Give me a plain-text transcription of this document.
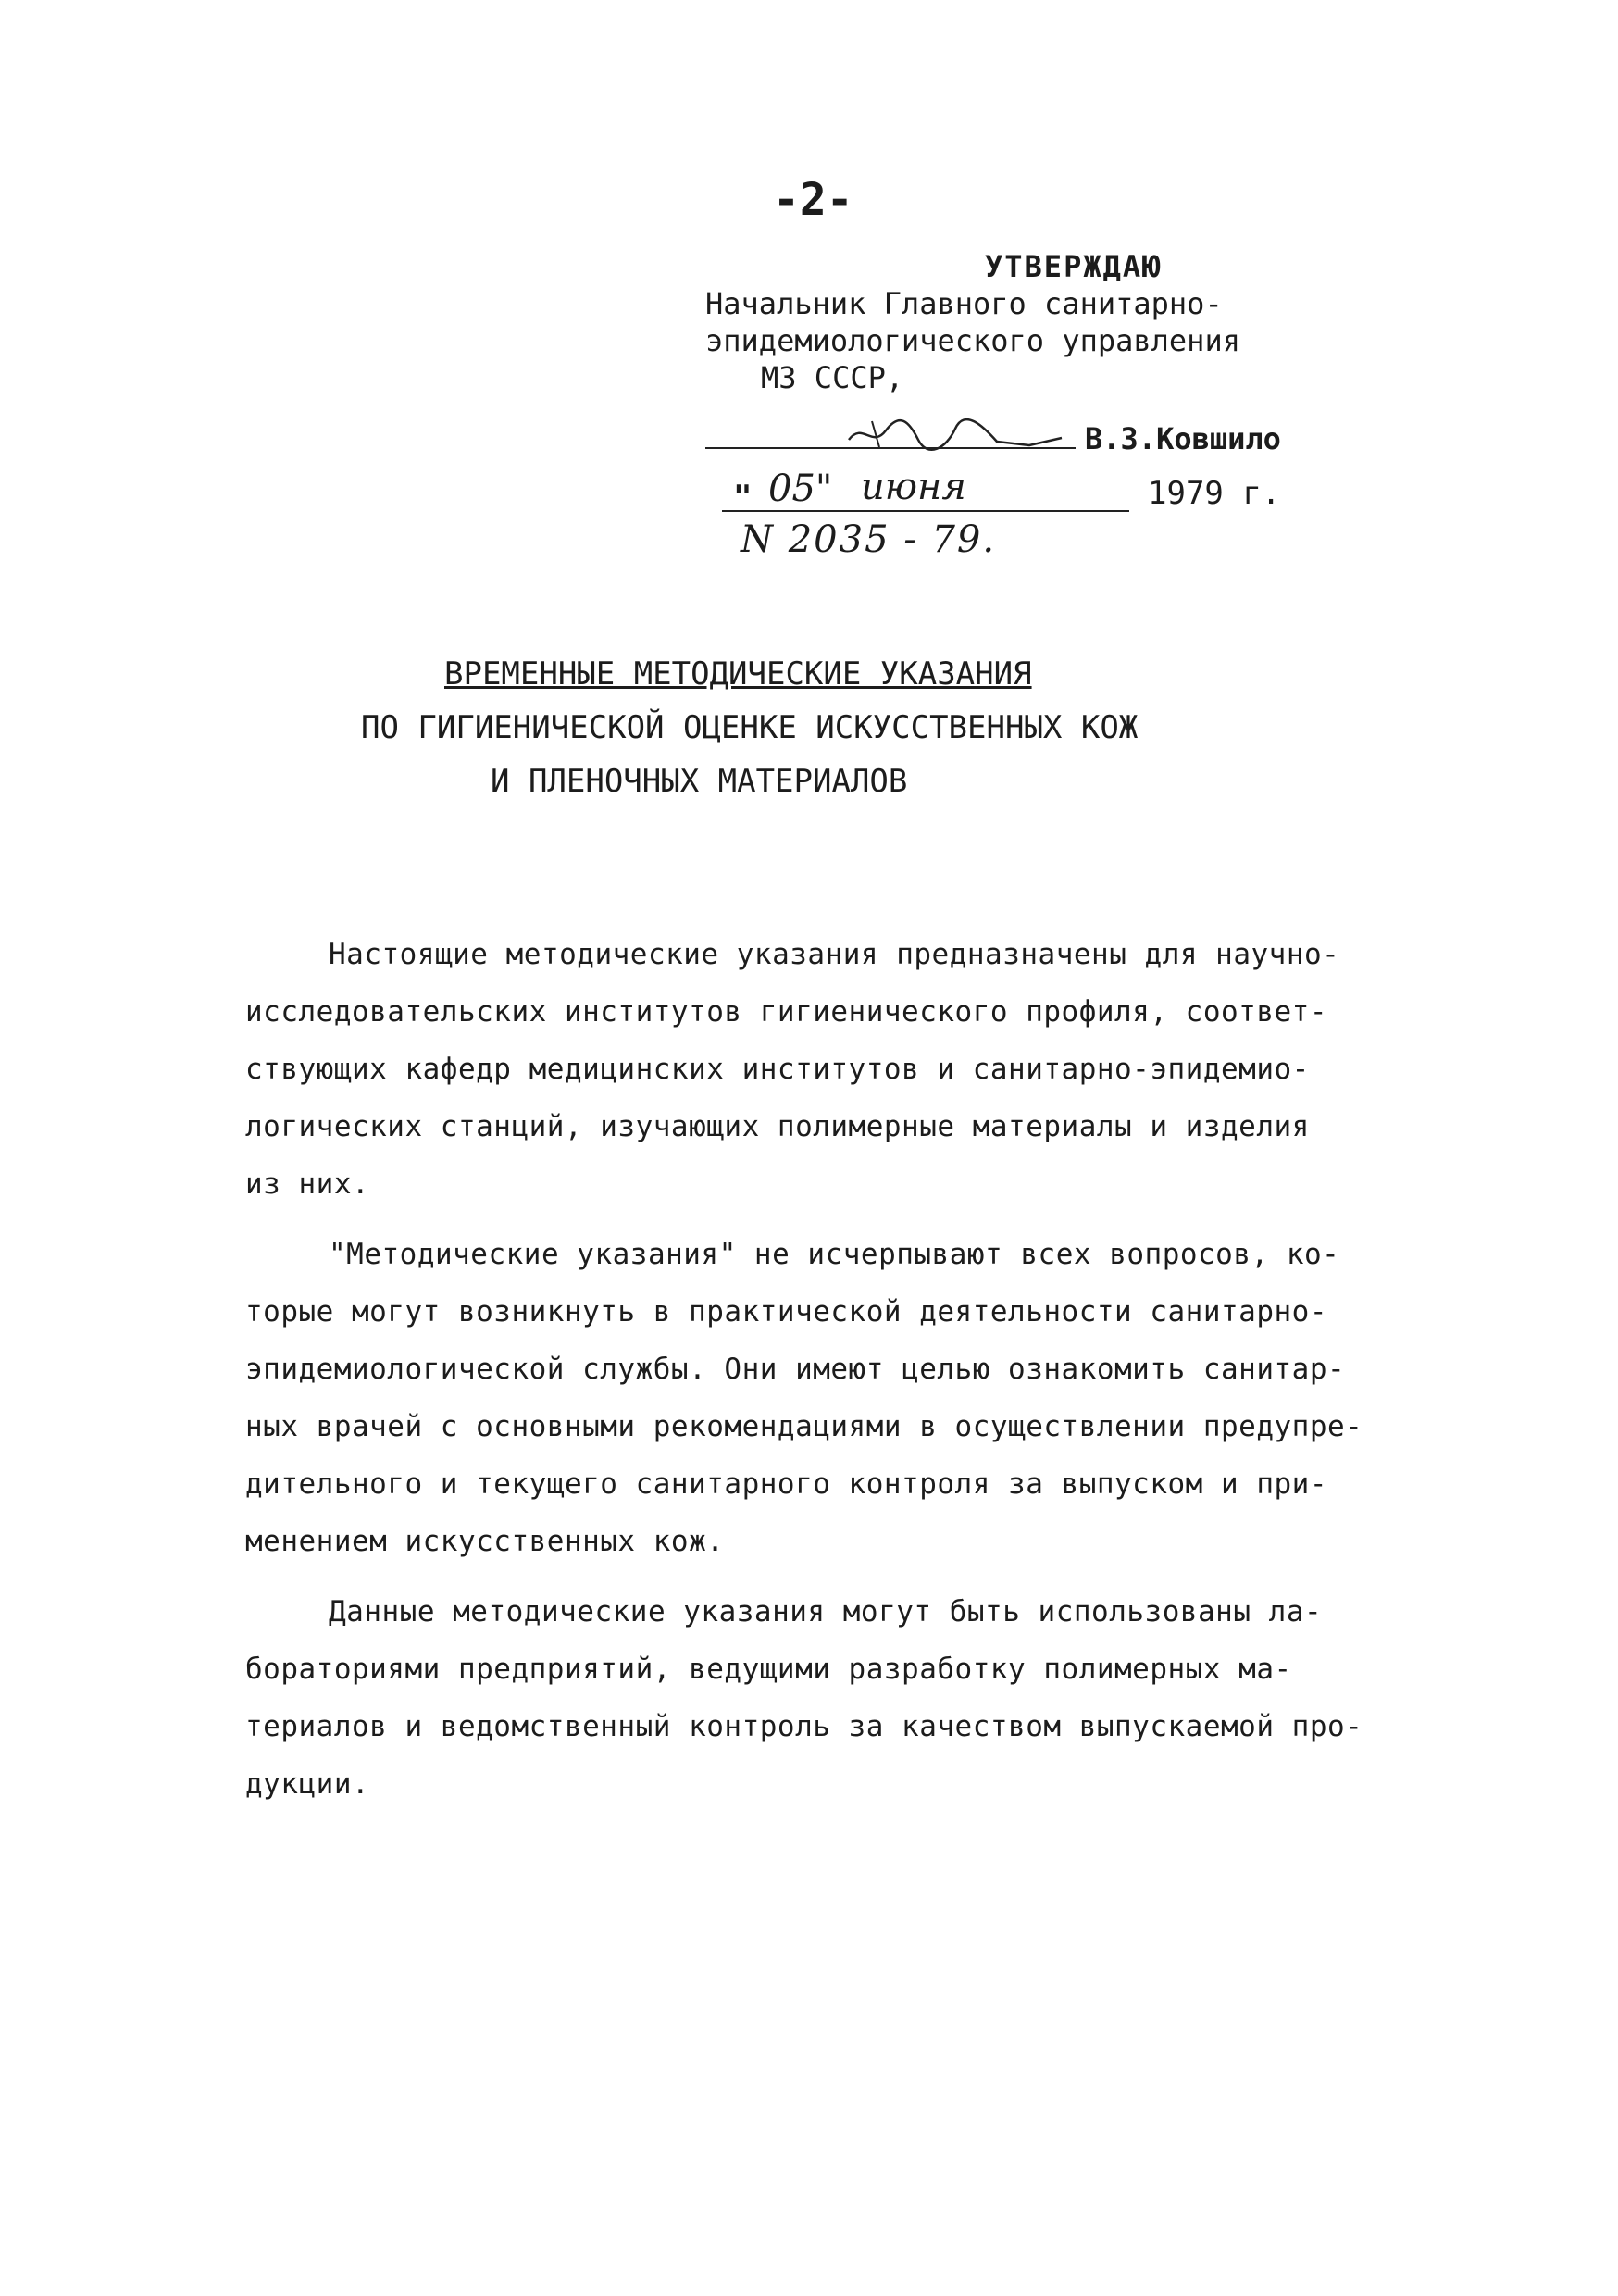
-2-
УТВЕРЖДАЮ
Начальник Главного санитарно-
эпидемиологического управления
МЗ СССР,
В.З.Ковшило
" 05" июня	1979 г.
N 2035 - 79.
ВРЕМЕННЫЕ МЕТОДИЧЕСКИЕ УКАЗАНИЯ
ПО ГИГИЕНИЧЕСКОЙ ОЦЕНКЕ ИСКУССТВЕННЫХ КОЖ
И ПЛЕНОЧНЫХ МАТЕРИАЛОВ
Настоящие методические указания предназначены для научно-
исследовательских институтов гигиенического профиля, соответ-
ствующих кафедр медицинских институтов и санитарно-эпидемио-
логических станций, изучающих полимерные материалы и изделия
из них.
"Методические указания" не исчерпывают всех вопросов, ко-
торые могут возникнуть в практической деятельности санитарно-
эпидемиологической службы. Они имеют целью ознакомить санитар-
ных врачей с основными рекомендациями в осуществлении предупре-
дительного и текущего санитарного контроля за выпуском и при-
менением искусственных кож.
Данные методические указания могут быть использованы ла-
бораториями предприятий, ведущими разработку полимерных ма-
териалов и ведомственный контроль за качеством выпускаемой про-
дукции.
